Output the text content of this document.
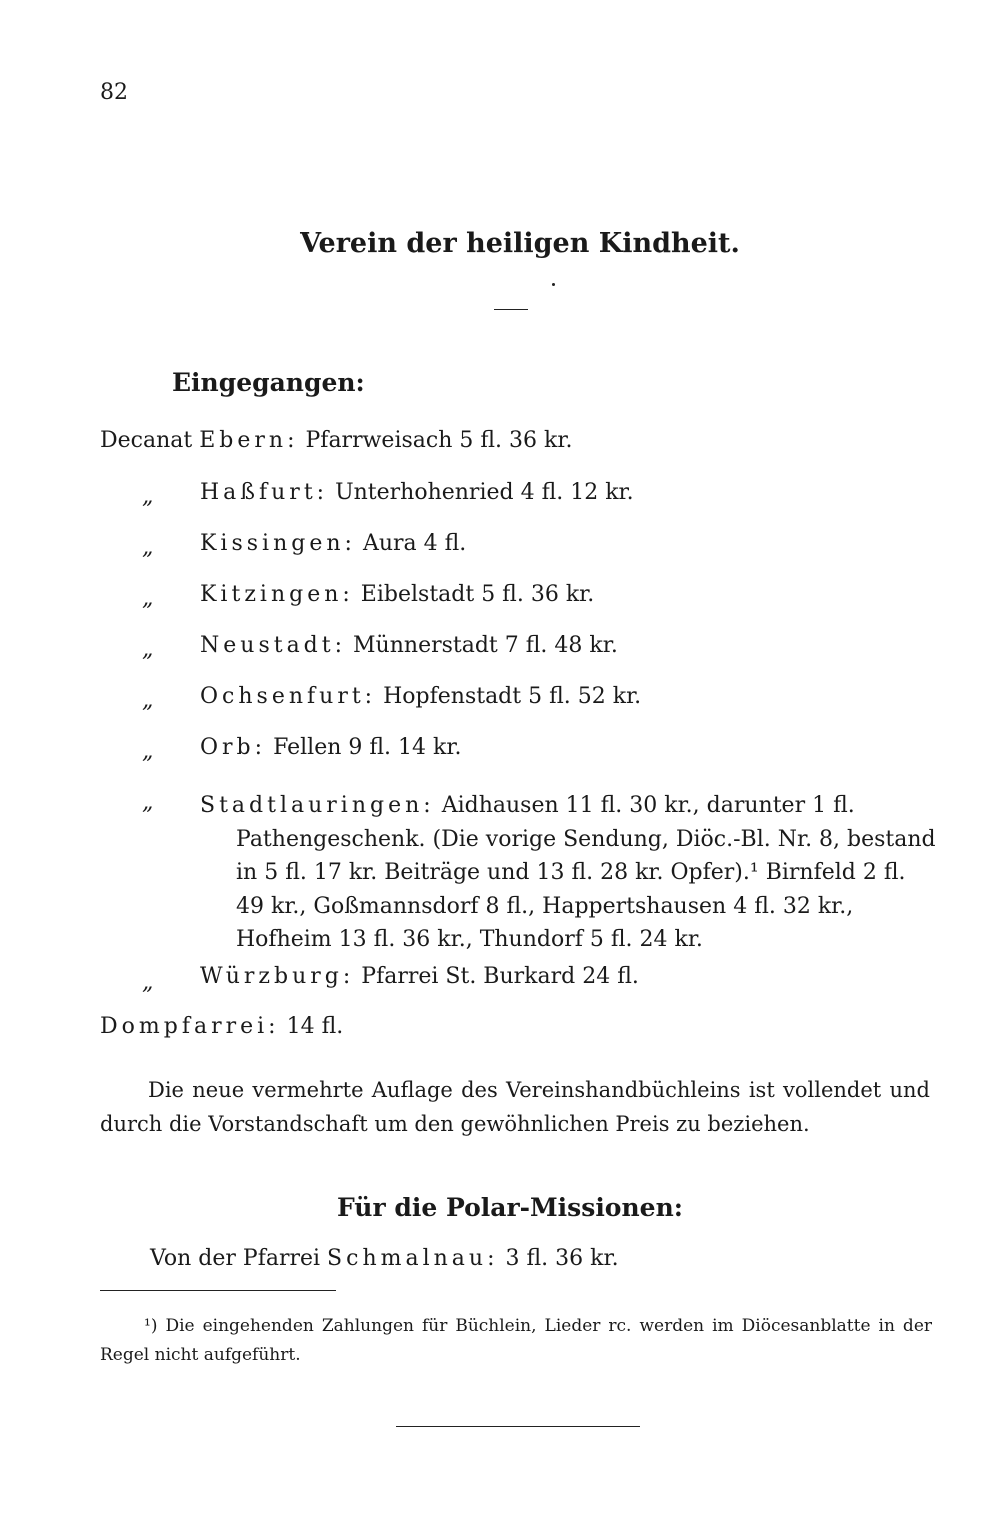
82
Verein der heiligen Kindheit.
Eingegangen:
Decanat Ebern: Pfarrweisach 5 fl. 36 kr.
„ Haßfurt: Unterhohenried 4 fl. 12 kr.
„ Kissingen: Aura 4 fl.
„ Kitzingen: Eibelstadt 5 fl. 36 kr.
„ Neustadt: Münnerstadt 7 fl. 48 kr.
„ Ochsenfurt: Hopfenstadt 5 fl. 52 kr.
„ Orb: Fellen 9 fl. 14 kr.
„ Stadtlauringen: Aidhausen 11 fl. 30 kr., darunter 1 fl. Pathengeschenk. (Die vorige Sendung, Diöc.-Bl. Nr. 8, bestand in 5 fl. 17 kr. Beiträge und 13 fl. 28 kr. Opfer).¹ Birnfeld 2 fl. 49 kr., Goßmannsdorf 8 fl., Happertshausen 4 fl. 32 kr., Hofheim 13 fl. 36 kr., Thundorf 5 fl. 24 kr.
„ Würzburg: Pfarrei St. Burkard 24 fl.
Dompfarrei: 14 fl.
Die neue vermehrte Auflage des Vereinshandbüchleins ist vollendet und durch die Vorstandschaft um den gewöhnlichen Preis zu beziehen.
Für die Polar-Missionen:
Von der Pfarrei Schmalnau: 3 fl. 36 kr.
¹) Die eingehenden Zahlungen für Büchlein, Lieder rc. werden im Diöcesanblatte in der Regel nicht aufgeführt.
